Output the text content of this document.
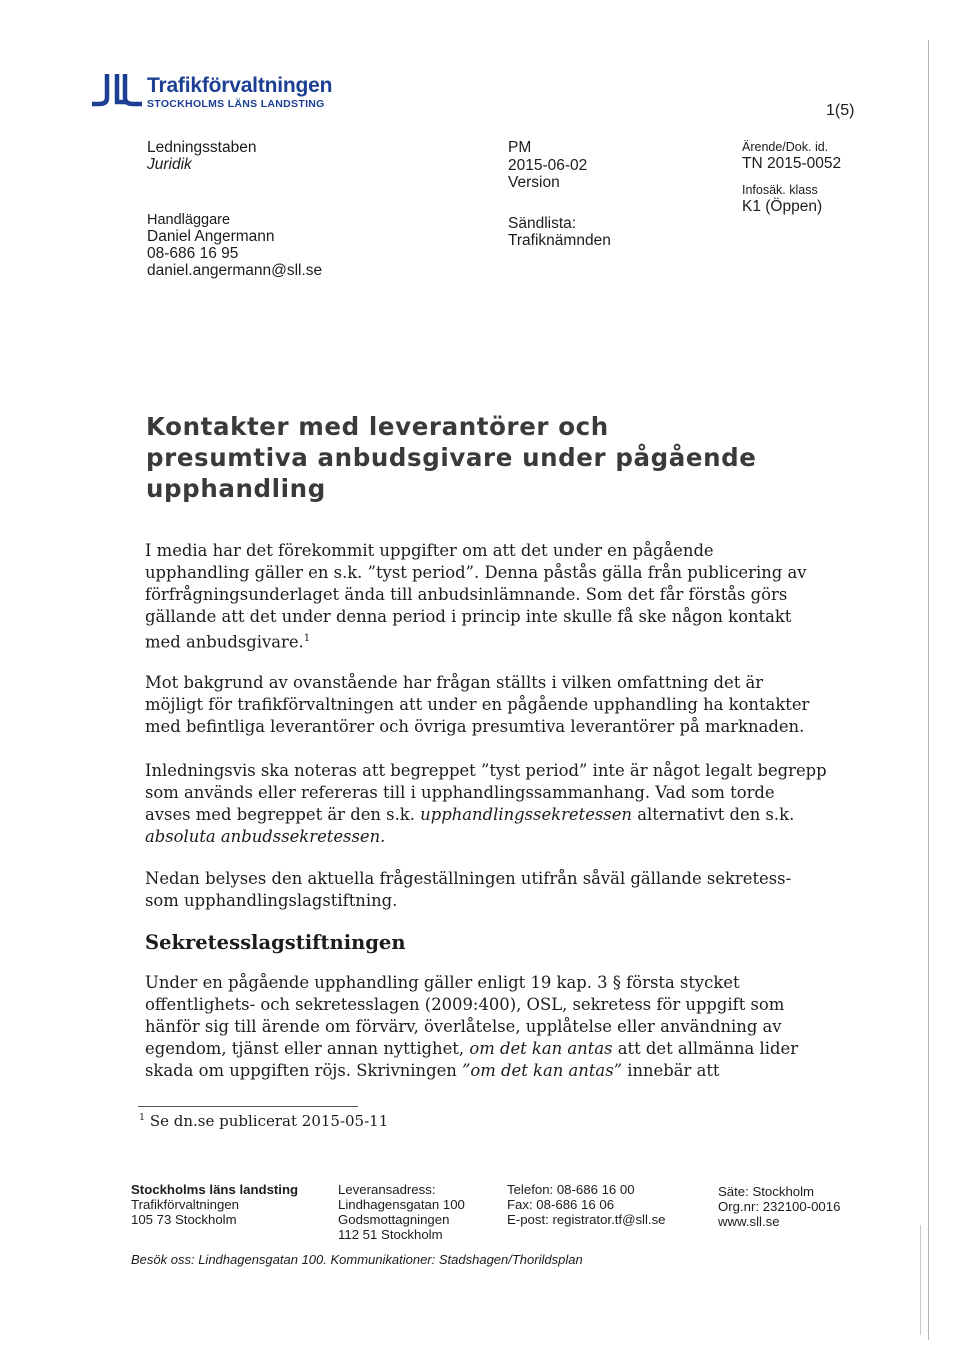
Trafikförvaltningen
STOCKHOLMS LÄNS LANDSTING	1(5)
Ledningsstaben
Juridik
Handläggare
Daniel Angermann
08-686 16 95
daniel.angermann@sll.se
PM
2015-06-02
Version
Sändlista:
Trafiknämnden
Ärende/Dok. id.
TN 2015-0052
Infosäk. klass
K1 (Öppen)
Kontakter med leverantörer och
presumtiva anbudsgivare under pågående
upphandling

I media har det förekommit uppgifter om att det under en pågående

upphandling gäller en s.k. ”tyst period”. Denna påstås gälla från publicering av

förfrågningsunderlaget ända till anbudsinlämnande. Som det får förstås görs

gällande att det under denna period i princip inte skulle få ske någon kontakt

med anbudsgivare.$^1$

Mot bakgrund av ovanstående har frågan ställts i vilken omfattning det är

möjligt för trafikförvaltningen att under en pågående upphandling ha kontakter

med befintliga leverantörer och övriga presumtiva leverantörer på marknaden.

Inledningsvis ska noteras att begreppet ”tyst period” inte är något legalt begrepp

som används eller refereras till i upphandlingssammanhang. Vad som torde

avses med begreppet är den s.k. upphandlingssekretessen alternativt den s.k.

absoluta anbudssekretessen.

Nedan belyses den aktuella frågeställningen utifrån såväl gällande sekretess-

som upphandlingslagstiftning.

Sekretesslagstiftningen

Under en pågående upphandling gäller enligt 19 kap. 3 § första stycket

offentlighets- och sekretesslagen (2009:400), OSL, sekretess för uppgift som

hänför sig till ärende om förvärv, överlåtelse, upplåtelse eller användning av

egendom, tjänst eller annan nyttighet, om det kan antas att det allmänna lider

skada om uppgiften röjs. Skrivningen ”om det kan antas” innebär att

$^1$ Se dn.se publicerat 2015-05-11
Stockholms läns landsting
Trafikförvaltningen
105 73 Stockholm
Leveransadress:
Lindhagensgatan 100
Godsmottagningen
112 51 Stockholm
Telefon: 08-686 16 00
Fax: 08-686 16 06
E-post: registrator.tf@sll.se
Säte: Stockholm
Org.nr: 232100-0016
www.sll.se
Besök oss: Lindhagensgatan 100. Kommunikationer: Stadshagen/Thorildsplan
